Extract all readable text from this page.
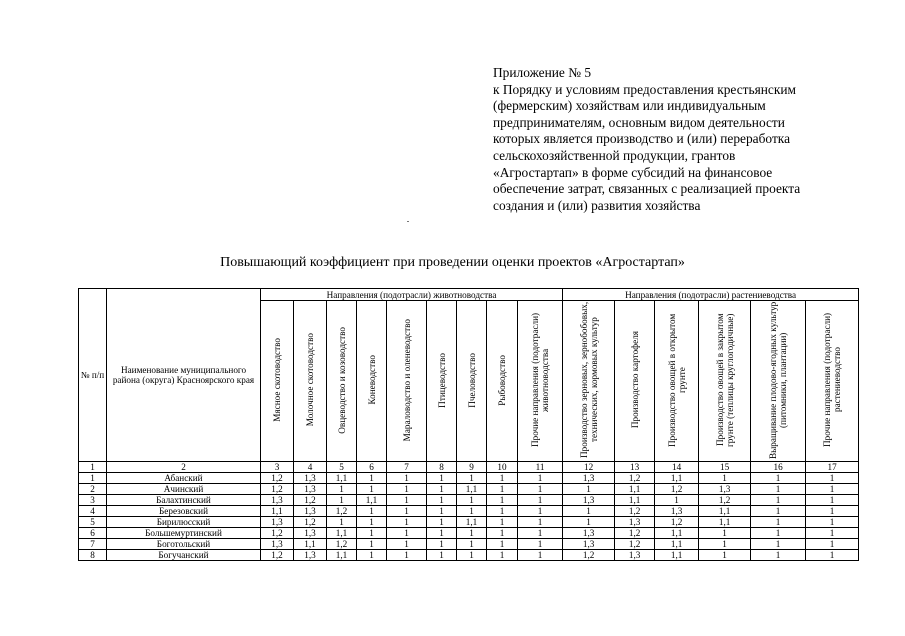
Приложение № 5
к Порядку и условиям предоставления крестьянским
(фермерским) хозяйствам или индивидуальным
предпринимателям, основным видом деятельности
которых является производство и (или) переработка
сельскохозяйственной продукции, грантов
«Агростартап» в форме субсидий на финансовое
обеспечение затрат, связанных с реализацией проекта
создания и (или) развития хозяйства
Повышающий коэффициент при проведении оценки проектов «Агростартап»
№ п/п	Наименование муниципального района (округа) Красноярского края	Направления (подотрасли) животноводства									Направления (подотрасли) растениеводства					
		Мясное скотоводство	Молочное скотоводство	Овцеводство и козоводство	Коневодство	Мараловодство и оленеводство	Птицеводство	Пчеловодство	Рыбоводство	Прочие направления (подотрасли) животноводства	Производство зерновых, зернобобовых, технических, кормовых культур	Производство картофеля	Производство овощей в открытом грунте	Производство овощей в закрытом грунте (теплицы круглогодичные)	Выращивание плодово-ягодных культур (питомники, плантации)	Прочие направления (подотрасли) растениеводство
1	2	3	4	5	6	7	8	9	10	11	12	13	14	15	16	17
1	Абанский	1,2	1,3	1,1	1	1	1	1	1	1	1,3	1,2	1,1	1	1	1
2	Ачинский	1,2	1,3	1	1	1	1	1,1	1	1	1	1,1	1,2	1,3	1	1
3	Балахтинский	1,3	1,2	1	1,1	1	1	1	1	1	1,3	1,1	1	1,2	1	1
4	Березовский	1,1	1,3	1,2	1	1	1	1	1	1	1	1,2	1,3	1,1	1	1
5	Бирилюсский	1,3	1,2	1	1	1	1	1,1	1	1	1	1,3	1,2	1,1	1	1
6	Большемуртинский	1,2	1,3	1,1	1	1	1	1	1	1	1,3	1,2	1,1	1	1	1
7	Боготольский	1,3	1,1	1,2	1	1	1	1	1	1	1,3	1,2	1,1	1	1	1
8	Богучанский	1,2	1,3	1,1	1	1	1	1	1	1	1,2	1,3	1,1	1	1	1
